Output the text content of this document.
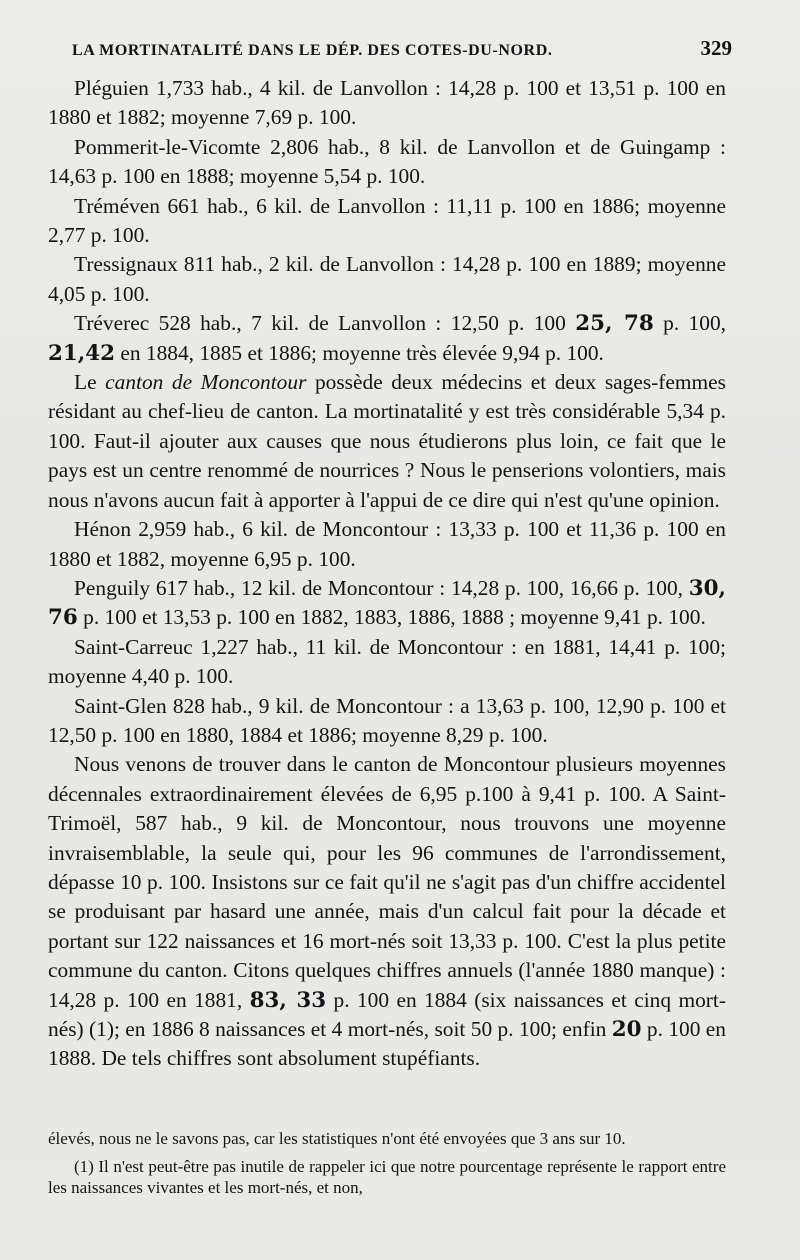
LA MORTINATALITÉ DANS LE DÉP. DES COTES-DU-NORD.	329

Pléguien 1,733 hab., 4 kil. de Lanvollon : 14,28 p. 100 et 13,51 p. 100 en 1880 et 1882; moyenne 7,69 p. 100.

Pommerit-le-Vicomte 2,806 hab., 8 kil. de Lanvollon et de Guingamp : 14,63 p. 100 en 1888; moyenne 5,54 p. 100.

Tréméven 661 hab., 6 kil. de Lanvollon : 11,11 p. 100 en 1886; moyenne 2,77 p. 100.

Tressignaux 811 hab., 2 kil. de Lanvollon : 14,28 p. 100 en 1889; moyenne 4,05 p. 100.

Tréverec 528 hab., 7 kil. de Lanvollon : 12,50 p. 100 25, 78 p. 100, 21,42 en 1884, 1885 et 1886; moyenne très élevée 9,94 p. 100.

Le canton de Moncontour possède deux médecins et deux sages-femmes résidant au chef-lieu de canton. La mortinatalité y est très considérable 5,34 p. 100. Faut-il ajouter aux causes que nous étudierons plus loin, ce fait que le pays est un centre renommé de nourrices ? Nous le penserions volontiers, mais nous n'avons aucun fait à apporter à l'appui de ce dire qui n'est qu'une opinion.

Hénon 2,959 hab., 6 kil. de Moncontour : 13,33 p. 100 et 11,36 p. 100 en 1880 et 1882, moyenne 6,95 p. 100.

Penguily 617 hab., 12 kil. de Moncontour : 14,28 p. 100, 16,66 p. 100, 30, 76 p. 100 et 13,53 p. 100 en 1882, 1883, 1886, 1888 ; moyenne 9,41 p. 100.

Saint-Carreuc 1,227 hab., 11 kil. de Moncontour : en 1881, 14,41 p. 100; moyenne 4,40 p. 100.

Saint-Glen 828 hab., 9 kil. de Moncontour : a 13,63 p. 100, 12,90 p. 100 et 12,50 p. 100 en 1880, 1884 et 1886; moyenne 8,29 p. 100.

Nous venons de trouver dans le canton de Moncontour plusieurs moyennes décennales extraordinairement élevées de 6,95 p.100 à 9,41 p. 100. A Saint-Trimoël, 587 hab., 9 kil. de Moncontour, nous trouvons une moyenne invraisemblable, la seule qui, pour les 96 communes de l'arrondissement, dépasse 10 p. 100. Insistons sur ce fait qu'il ne s'agit pas d'un chiffre accidentel se produisant par hasard une année, mais d'un calcul fait pour la décade et portant sur 122 naissances et 16 mort-nés soit 13,33 p. 100. C'est la plus petite commune du canton. Citons quelques chiffres annuels (l'année 1880 manque) : 14,28 p. 100 en 1881, 83, 33 p. 100 en 1884 (six naissances et cinq mort-nés) (1); en 1886 8 naissances et 4 mort-nés, soit 50 p. 100; enfin 20 p. 100 en 1888. De tels chiffres sont absolument stupéfiants.

élevés, nous ne le savons pas, car les statistiques n'ont été envoyées que 3 ans sur 10.

(1) Il n'est peut-être pas inutile de rappeler ici que notre pourcentage représente le rapport entre les naissances vivantes et les mort-nés, et non,
